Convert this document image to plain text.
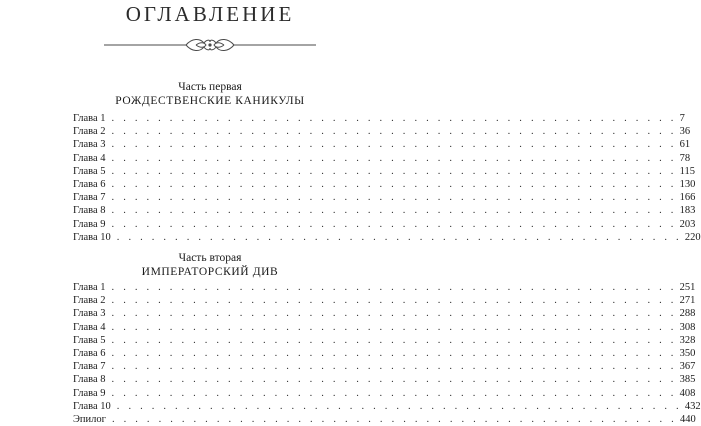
ОГЛАВЛЕНИЕ
Часть первая
РОЖДЕСТВЕНСКИЕ КАНИКУЛЫ
Глава 1 . . . . . . . . . . . . . . . . . . . . . . . . . . . . . . . . . . . . . . . . . . . . . . . . . 7
Глава 2 . . . . . . . . . . . . . . . . . . . . . . . . . . . . . . . . . . . . . . . . . . . . . . . . . 36
Глава 3 . . . . . . . . . . . . . . . . . . . . . . . . . . . . . . . . . . . . . . . . . . . . . . . . . 61
Глава 4 . . . . . . . . . . . . . . . . . . . . . . . . . . . . . . . . . . . . . . . . . . . . . . . . . 78
Глава 5 . . . . . . . . . . . . . . . . . . . . . . . . . . . . . . . . . . . . . . . . . . . . . . . . . 115
Глава 6 . . . . . . . . . . . . . . . . . . . . . . . . . . . . . . . . . . . . . . . . . . . . . . . . . 130
Глава 7 . . . . . . . . . . . . . . . . . . . . . . . . . . . . . . . . . . . . . . . . . . . . . . . . . 166
Глава 8 . . . . . . . . . . . . . . . . . . . . . . . . . . . . . . . . . . . . . . . . . . . . . . . . . 183
Глава 9 . . . . . . . . . . . . . . . . . . . . . . . . . . . . . . . . . . . . . . . . . . . . . . . . . 203
Глава 10 . . . . . . . . . . . . . . . . . . . . . . . . . . . . . . . . . . . . . . . . . . . . . . . . . 220
Часть вторая
ИМПЕРАТОРСКИЙ ДИВ
Глава 1 . . . . . . . . . . . . . . . . . . . . . . . . . . . . . . . . . . . . . . . . . . . . . . . . . 251
Глава 2 . . . . . . . . . . . . . . . . . . . . . . . . . . . . . . . . . . . . . . . . . . . . . . . . . 271
Глава 3 . . . . . . . . . . . . . . . . . . . . . . . . . . . . . . . . . . . . . . . . . . . . . . . . . 288
Глава 4 . . . . . . . . . . . . . . . . . . . . . . . . . . . . . . . . . . . . . . . . . . . . . . . . . 308
Глава 5 . . . . . . . . . . . . . . . . . . . . . . . . . . . . . . . . . . . . . . . . . . . . . . . . . 328
Глава 6 . . . . . . . . . . . . . . . . . . . . . . . . . . . . . . . . . . . . . . . . . . . . . . . . . 350
Глава 7 . . . . . . . . . . . . . . . . . . . . . . . . . . . . . . . . . . . . . . . . . . . . . . . . . 367
Глава 8 . . . . . . . . . . . . . . . . . . . . . . . . . . . . . . . . . . . . . . . . . . . . . . . . . 385
Глава 9 . . . . . . . . . . . . . . . . . . . . . . . . . . . . . . . . . . . . . . . . . . . . . . . . . 408
Глава 10 . . . . . . . . . . . . . . . . . . . . . . . . . . . . . . . . . . . . . . . . . . . . . . . . . 432
Эпилог . . . . . . . . . . . . . . . . . . . . . . . . . . . . . . . . . . . . . . . . . . . . . . . . . 440
